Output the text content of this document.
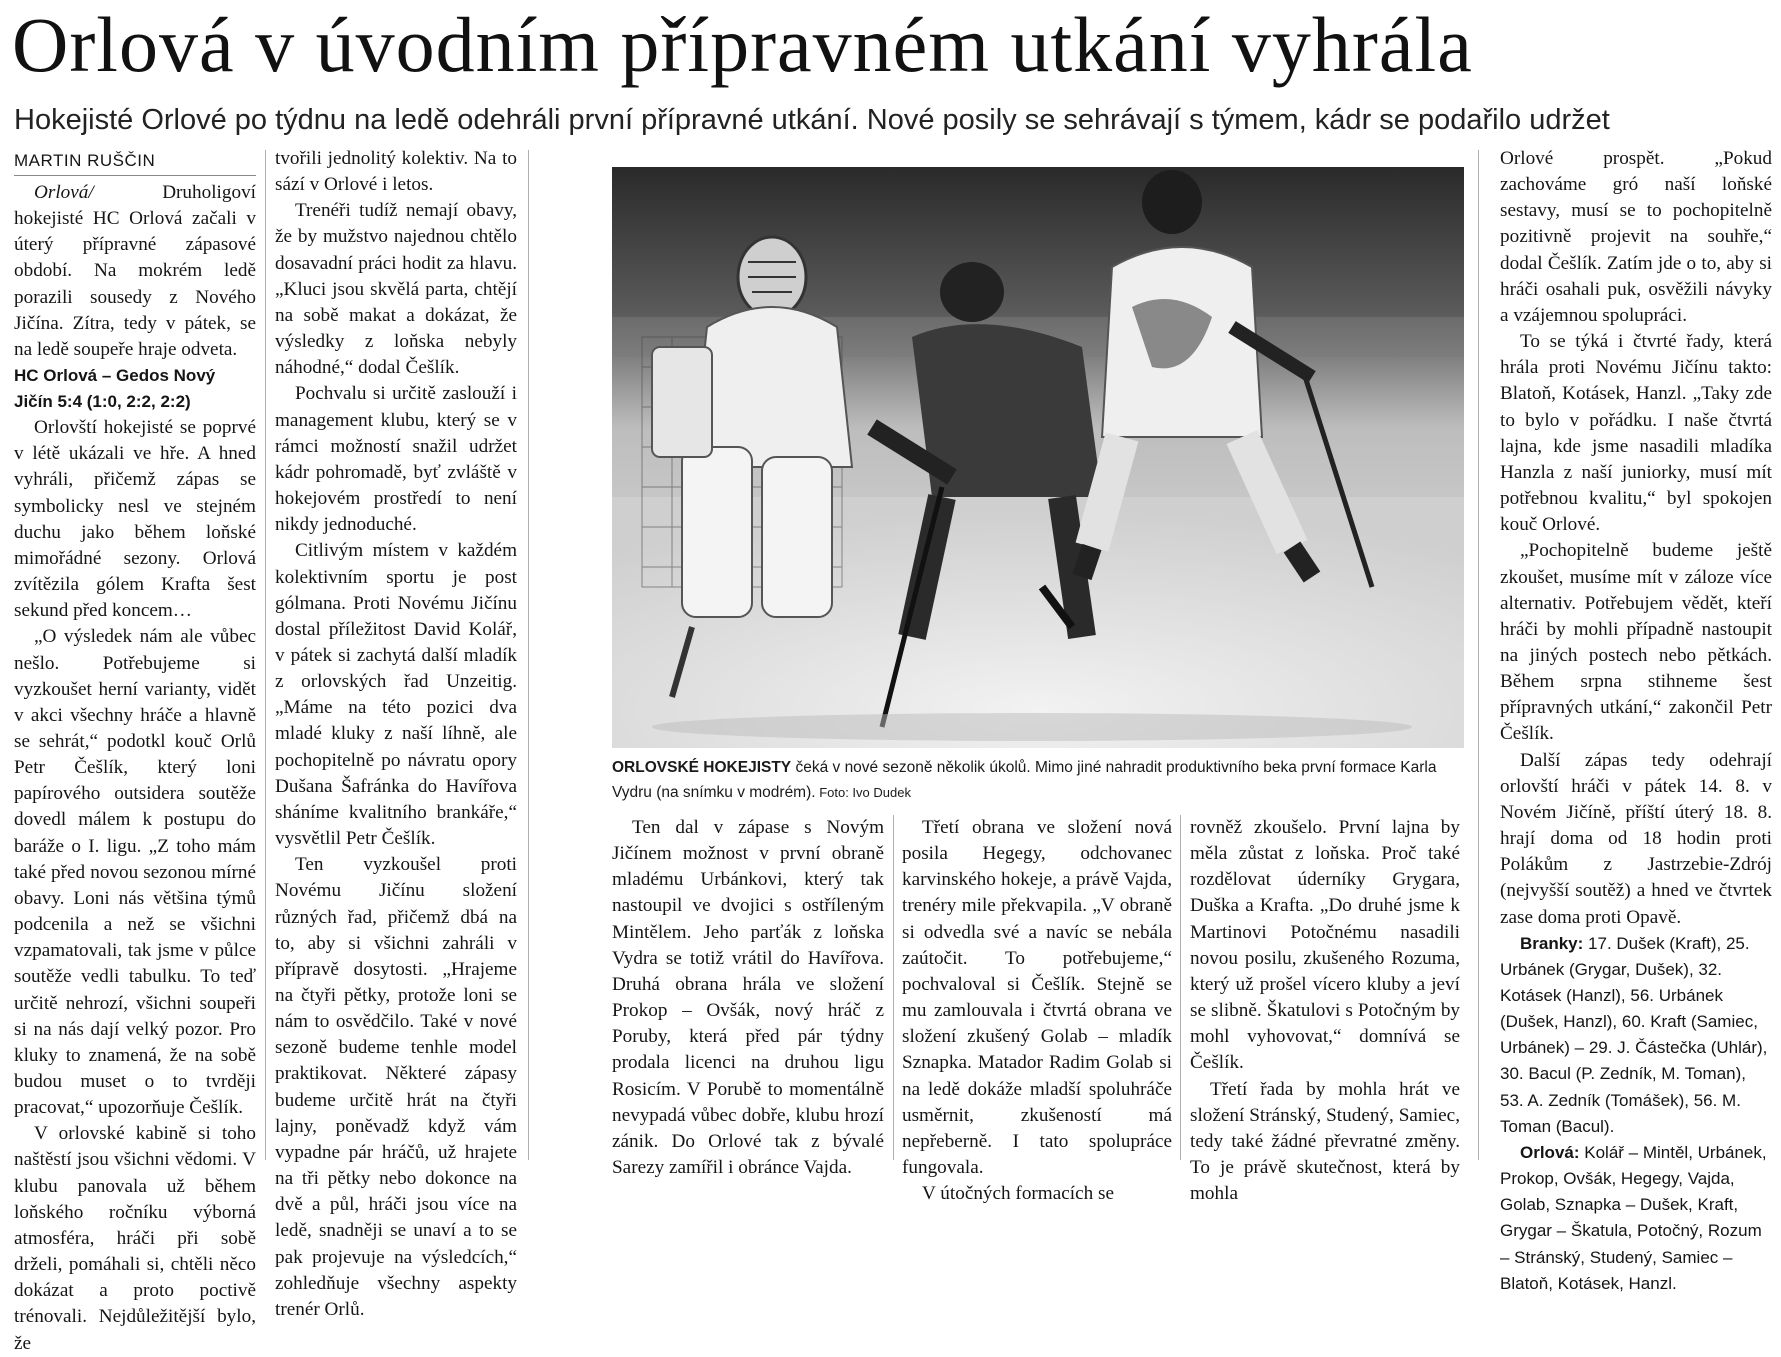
Orlová v úvodním přípravném utkání vyhrála
Hokejisté Orlové po týdnu na ledě odehráli první přípravné utkání. Nové posily se sehrávají s týmem, kádr se podařilo udržet
MARTIN RUŠČIN

Orlová/	Druholigoví hokejisté HC Orlová začali v úterý přípravné zápasové období. Na mokrém ledě porazili sousedy z Nového Jičína. Zítra, tedy v pátek, se na ledě soupeře hraje odveta.

HC Orlová – Gedos Nový Jičín 5:4 (1:0, 2:2, 2:2)

Orlovští hokejisté se poprvé v létě ukázali ve hře. A hned vyhráli, přičemž zápas se symbolicky nesl ve stejném duchu jako během loňské mimořádné sezony. Orlová zvítězila gólem Krafta šest sekund před koncem…

„O výsledek nám ale vůbec nešlo. Potřebujeme si vyzkoušet herní varianty, vidět v akci všechny hráče a hlavně se sehrát,“ podotkl kouč Orlů Petr Češlík, který loni papírového outsidera soutěže dovedl málem k postupu do baráže o I. ligu. „Z toho mám také před novou sezonou mírné obavy. Loni nás většina týmů podcenila a než se všichni vzpamatovali, tak jsme v půlce soutěže vedli tabulku. To teď určitě nehrozí, všichni soupeři si na nás dají velký pozor. Pro kluky to znamená, že na sobě budou muset o to tvrději pracovat,“ upozorňuje Češlík.

V orlovské kabině si toho naštěstí jsou všichni vědomi. V klubu panovala už během loňského ročníku výborná atmosféra, hráči při sobě drželi, pomáhali si, chtěli něco dokázat a proto poctivě trénovali. Nejdůležitější bylo, že

tvořili jednolitý kolektiv. Na to sází v Orlové i letos.

Trenéři tudíž nemají obavy, že by mužstvo najednou chtělo dosavadní práci hodit za hlavu. „Kluci jsou skvělá parta, chtějí na sobě makat a dokázat, že výsledky z loňska nebyly náhodné,“ dodal Češlík.

Pochvalu si určitě zaslouží i management klubu, který se v rámci možností snažil udržet kádr pohromadě, byť zvláště v hokejovém prostředí to není nikdy jednoduché.

Citlivým místem v každém kolektivním sportu je post gólmana. Proti Novému Jičínu dostal příležitost David Kolář, v pátek si zachytá další mladík z orlovských řad Unzeitig. „Máme na této pozici dva mladé kluky z naší líhně, ale pochopitelně po návratu opory Dušana Šafránka do Havířova sháníme kvalitního brankáře,“ vysvětlil Petr Češlík.

Ten vyzkoušel proti Novému Jičínu složení různých řad, přičemž dbá na to, aby si všichni zahráli v přípravě dosytosti. „Hrajeme na čtyři pětky, protože loni se nám to osvědčilo. Také v nové sezoně budeme tenhle model praktikovat. Některé zápasy budeme určitě hrát na čtyři lajny, poněvadž když vám vypadne pár hráčů, už hrajete na tři pětky nebo dokonce na dvě a půl, hráči jsou více na ledě, snadněji se unaví a to se pak projevuje na výsledcích,“ zohledňuje všechny aspekty trenér Orlů.

ORLOVSKÉ HOKEJISTY čeká v nové sezoně několik úkolů. Mimo jiné nahradit produktivního beka první formace Karla Vydru (na snímku v modrém). Foto: Ivo Dudek

Ten dal v zápase s Novým Jičínem možnost v první obraně mladému Urbánkovi, který tak nastoupil ve dvojici s ostříleným Mintělem. Jeho parťák z loňska Vydra se totiž vrátil do Havířova. Druhá obrana hrála ve složení Prokop – Ovšák, nový hráč z Poruby, která před pár týdny prodala licenci na druhou ligu Rosicím. V Porubě to momentálně nevypadá vůbec dobře, klubu hrozí zánik. Do Orlové tak z bývalé Sarezy zamířil i obránce Vajda.

Třetí obrana ve složení nová posila Hegegy, odchovanec karvinského hokeje, a právě Vajda, trenéry mile překvapila. „V obraně si odvedla své a navíc se nebála zaútočit. To potřebujeme,“ pochvaloval si Češlík. Stejně se mu zamlouvala i čtvrtá obrana ve složení zkušený Golab – mladík Sznapka. Matador Radim Golab si na ledě dokáže mladší spoluhráče usměrnit, zkušeností má nepřeberně. I tato spolupráce fungovala.

V útočných formacích se

rovněž zkoušelo. První lajna by měla zůstat z loňska. Proč také rozdělovat úderníky Grygara, Duška a Krafta. „Do druhé jsme k Martinovi Potočnému nasadili novou posilu, zkušeného Rozuma, který už prošel vícero kluby a jeví se slibně. Škatulovi s Potočným by mohl vyhovovat,“ domnívá se Češlík.

Třetí řada by mohla hrát ve složení Stránský, Studený, Samiec, tedy také žádné převratné změny. To je právě skutečnost, která by mohla

Orlové prospět. „Pokud zachováme gró naší loňské sestavy, musí se to pochopitelně pozitivně projevit na souhře,“ dodal Češlík. Zatím jde o to, aby si hráči osahali puk, osvěžili návyky a vzájemnou spolupráci.

To se týká i čtvrté řady, která hrála proti Novému Jičínu takto: Blatoň, Kotásek, Hanzl. „Taky zde to bylo v pořádku. I naše čtvrtá lajna, kde jsme nasadili mladíka Hanzla z naší juniorky, musí mít potřebnou kvalitu,“ byl spokojen kouč Orlové.

„Pochopitelně budeme ještě zkoušet, musíme mít v záloze více alternativ. Potřebujem vědět, kteří hráči by mohli případně nastoupit na jiných postech nebo pětkách. Během srpna stihneme šest přípravných utkání,“ zakončil Petr Češlík.

Další zápas tedy odehrají orlovští hráči v pátek 14. 8. v Novém Jičíně, příští úterý 18. 8. hrají doma od 18 hodin proti Polákům z Jastrzebie-Zdrój (nejvyšší soutěž) a hned ve čtvrtek zase doma proti Opavě.

Branky: 17. Dušek (Kraft), 25. Urbánek (Grygar, Dušek), 32. Kotásek (Hanzl), 56. Urbánek (Dušek, Hanzl), 60. Kraft (Samiec, Urbánek) – 29. J. Částečka (Uhlár), 30. Bacul (P. Zedník, M. Toman), 53. A. Zedník (Tomášek), 56. M. Toman (Bacul).

Orlová: Kolář – Mintěl, Urbánek, Prokop, Ovšák, Hegegy, Vajda, Golab, Sznapka – Dušek, Kraft, Grygar – Škatula, Potočný, Rozum – Stránský, Studený, Samiec – Blatoň, Kotásek, Hanzl.
